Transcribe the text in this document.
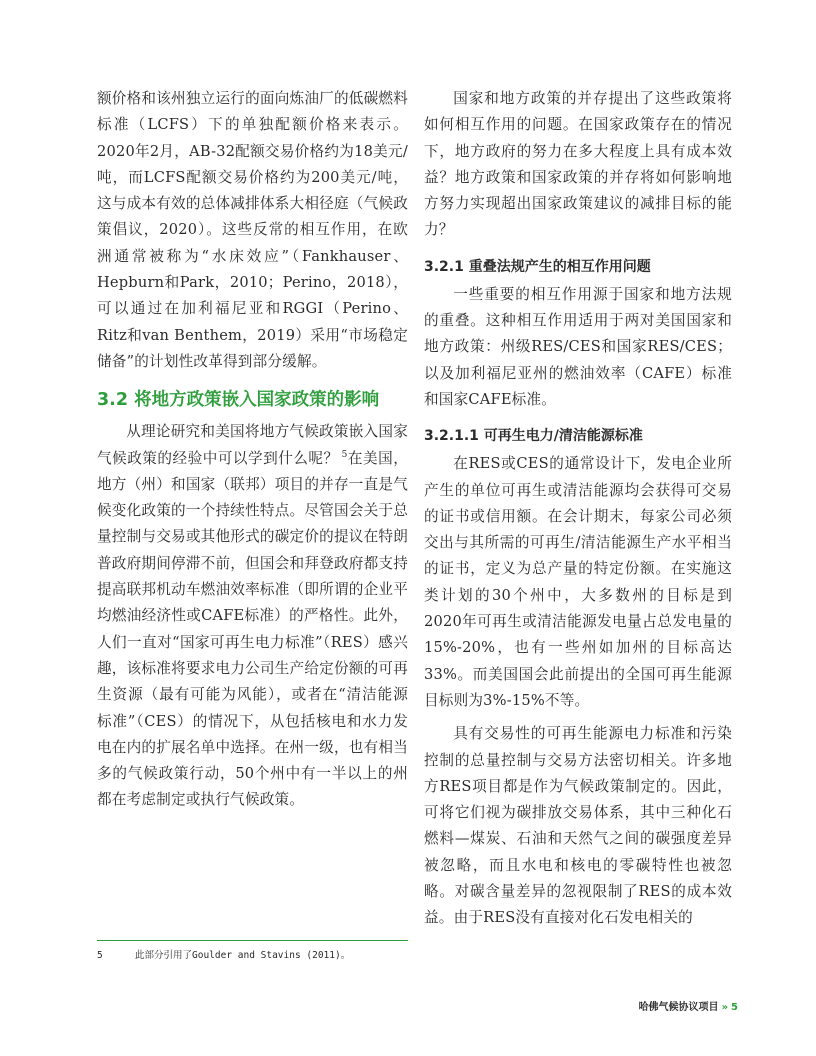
额价格和该州独立运行的面向炼油厂的低碳燃料标准（LCFS）下的单独配额价格来表示。2020年2月，AB-32配额交易价格约为18美元/吨，而LCFS配额交易价格约为200美元/吨，这与成本有效的总体减排体系大相径庭（气候政策倡议，2020）。这些反常的相互作用，在欧洲通常被称为“水床效应”（Fankhauser、Hepburn和Park，2010；Perino，2018），可以通过在加利福尼亚和RGGI（Perino、Ritz和van Benthem，2019）采用“市场稳定储备”的计划性改革得到部分缓解。

3.2 将地方政策嵌入国家政策的影响

从理论研究和美国将地方气候政策嵌入国家气候政策的经验中可以学到什么呢？ $^5$在美国，地方（州）和国家（联邦）项目的并存一直是气候变化政策的一个持续性特点。尽管国会关于总量控制与交易或其他形式的碳定价的提议在特朗普政府期间停滞不前，但国会和拜登政府都支持提高联邦机动车燃油效率标准（即所谓的企业平均燃油经济性或CAFE标准）的严格性。此外，人们一直对“国家可再生电力标准”（RES）感兴趣，该标准将要求电力公司生产给定份额的可再生资源（最有可能为风能），或者在“清洁能源标准”（CES）的情况下，从包括核电和水力发电在内的扩展名单中选择。在州一级，也有相当多的气候政策行动，50个州中有一半以上的州都在考虑制定或执行气候政策。

国家和地方政策的并存提出了这些政策将如何相互作用的问题。在国家政策存在的情况下，地方政府的努力在多大程度上具有成本效益？地方政策和国家政策的并存将如何影响地方努力实现超出国家政策建议的减排目标的能力？

3.2.1 重叠法规产生的相互作用问题

一些重要的相互作用源于国家和地方法规的重叠。这种相互作用适用于两对美国国家和地方政策：州级RES/CES和国家RES/CES；以及加利福尼亚州的燃油效率（CAFE）标准和国家CAFE标准。

3.2.1.1 可再生电力/清洁能源标准

在RES或CES的通常设计下，发电企业所产生的单位可再生或清洁能源均会获得可交易的证书或信用额。在会计期末，每家公司必须交出与其所需的可再生/清洁能源生产水平相当的证书，定义为总产量的特定份额。在实施这类计划的30个州中，大多数州的目标是到2020年可再生或清洁能源发电量占总发电量的15%-20%，也有一些州如加州的目标高达33%。而美国国会此前提出的全国可再生能源目标则为3%-15%不等。

具有交易性的可再生能源电力标准和污染控制的总量控制与交易方法密切相关。许多地方RES项目都是作为气候政策制定的。因此，可将它们视为碳排放交易体系，其中三种化石燃料—煤炭、石油和天然气之间的碳强度差异被忽略，而且水电和核电的零碳特性也被忽略。对碳含量差异的忽视限制了RES的成本效益。由于RES没有直接对化石发电相关的

5	此部分引用了Goulder and Stavins (2011)。
哈佛气候协议项目 » 5
